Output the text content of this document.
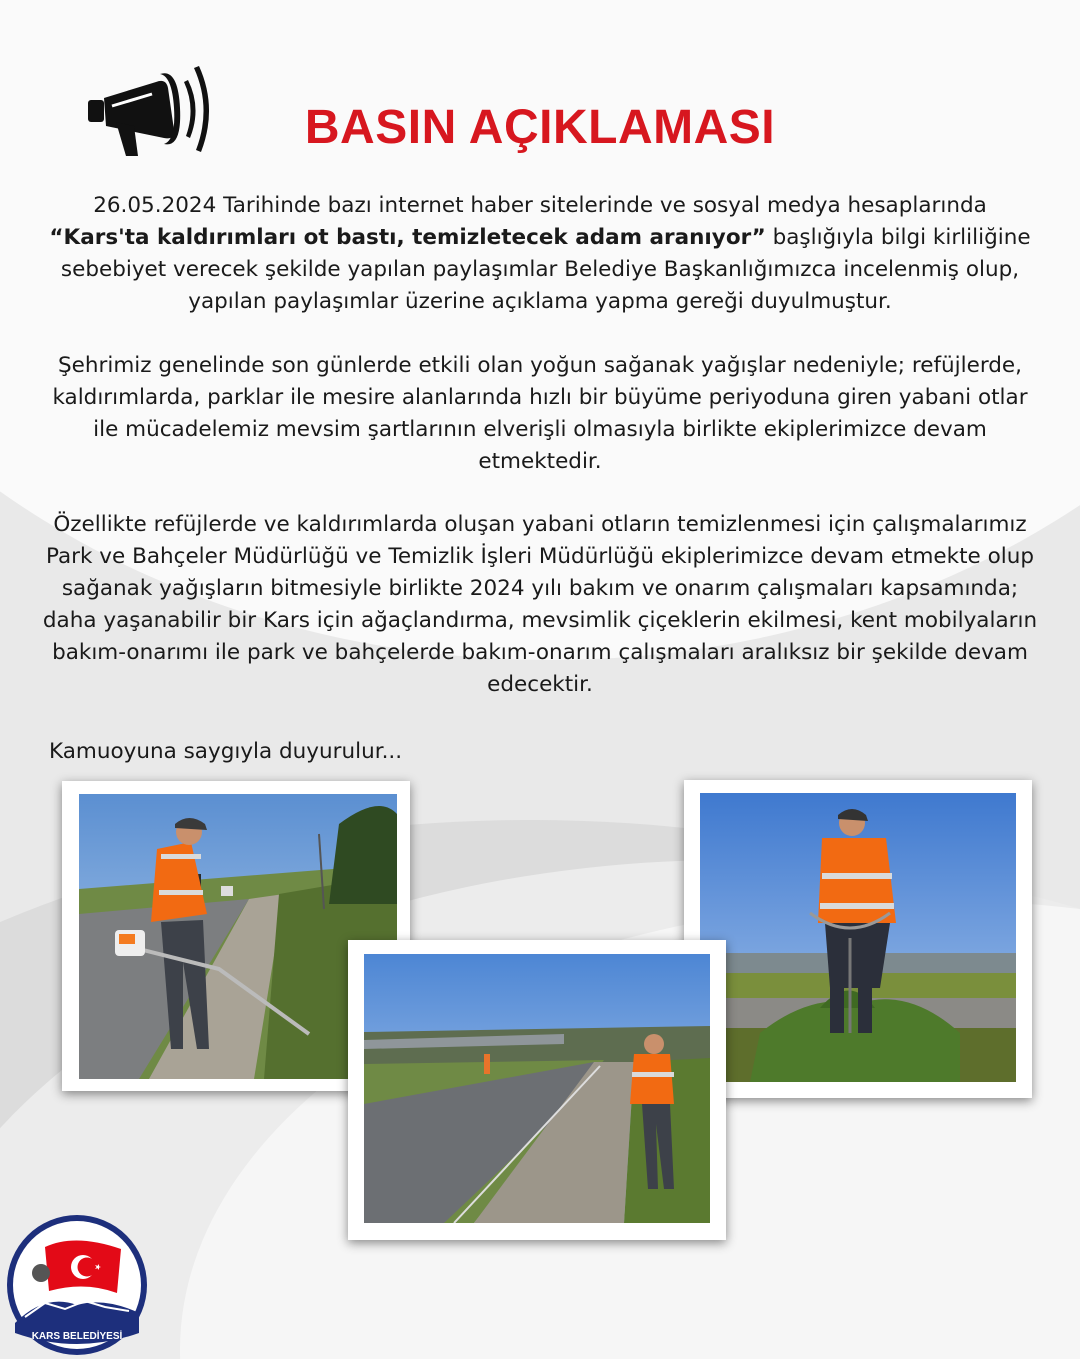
BASIN AÇIKLAMASI
26.05.2024 Tarihinde bazı internet haber sitelerinde ve sosyal medya hesaplarında “Kars'ta kaldırımları ot bastı, temizletecek adam aranıyor” başlığıyla bilgi kirliliğine sebebiyet verecek şekilde yapılan paylaşımlar Belediye Başkanlığımızca incelenmiş olup, yapılan paylaşımlar üzerine açıklama yapma gereği duyulmuştur.
Şehrimiz genelinde son günlerde etkili olan yoğun sağanak yağışlar nedeniyle; refüjlerde, kaldırımlarda, parklar ile mesire alanlarında hızlı bir büyüme periyoduna giren yabani otlar ile mücadelemiz mevsim şartlarının elverişli olmasıyla birlikte ekiplerimizce devam etmektedir.
Özellikte refüjlerde ve kaldırımlarda oluşan yabani otların temizlenmesi için çalışmalarımız Park ve Bahçeler Müdürlüğü ve Temizlik İşleri Müdürlüğü ekiplerimizce devam etmekte olup sağanak yağışların bitmesiyle birlikte 2024 yılı bakım ve onarım çalışmaları kapsamında; daha yaşanabilir bir Kars için ağaçlandırma, mevsimlik çiçeklerin ekilmesi, kent mobilyaların bakım-onarımı ile park ve bahçelerde bakım-onarım çalışmaları aralıksız bir şekilde devam edecektir.
Kamuoyuna saygıyla duyurulur...
KARS BELEDİYESİ
